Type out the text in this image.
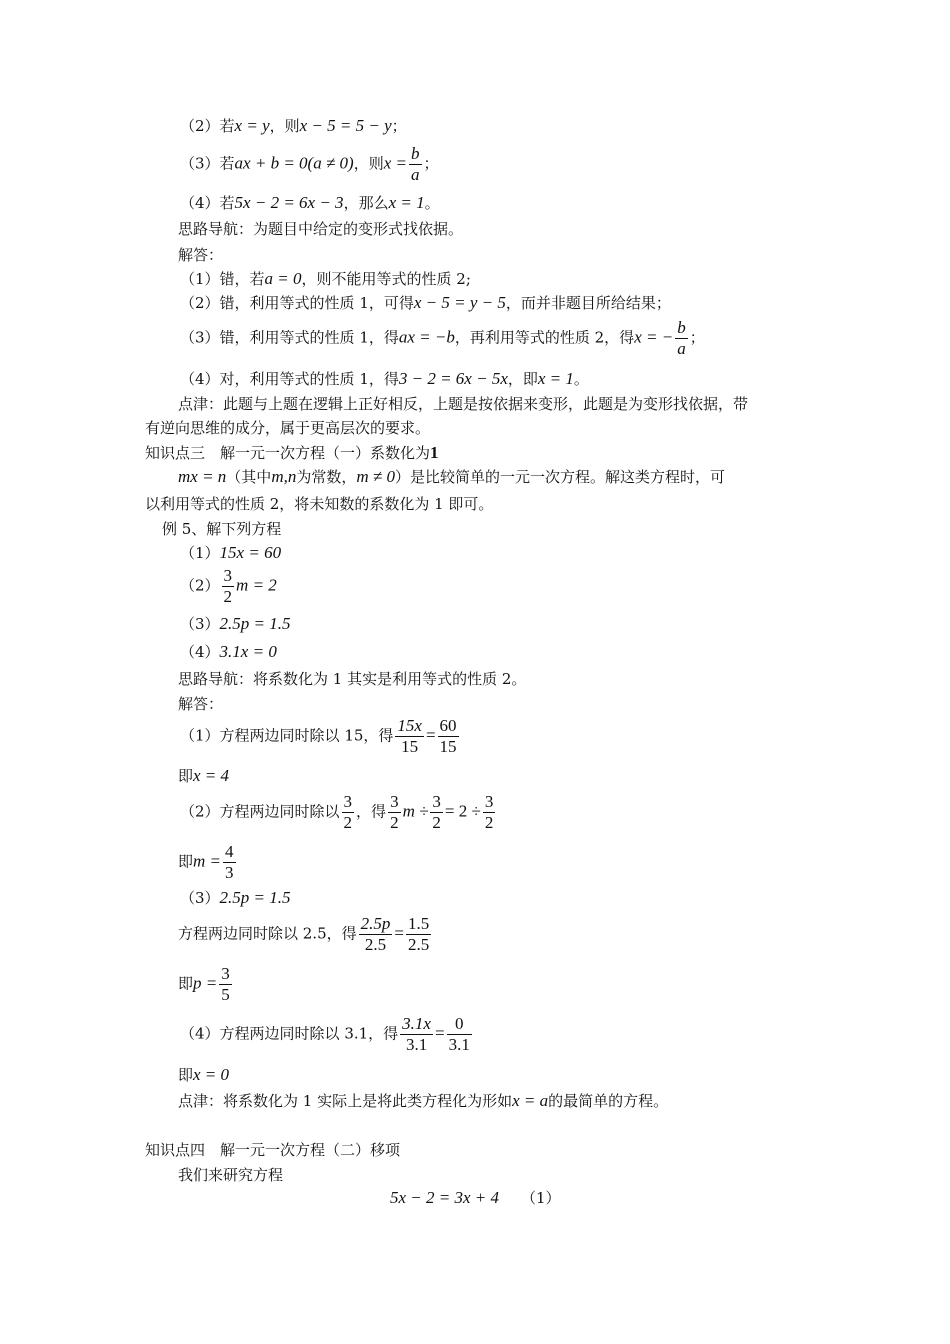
（2）若x = y，则x − 5 = 5 − y；
（3）若ax + b = 0(a ≠ 0)，则$x = \frac{b}{a}$ ；
（4）若5x − 2 = 6x − 3，那么x = 1。
思路导航：为题目中给定的变形式找依据。
解答：
（1）错，若a = 0，则不能用等式的性质 2;
（2）错，利用等式的性质 1，可得x − 5 = y − 5，而并非题目所给结果；
（3）错，利用等式的性质 1，得ax = −b，再利用等式的性质 2，得x = − $\frac{b}{a}$ ；
（4）对，利用等式的性质 1，得3 − 2 = 6x − 5x，即x = 1。
点津：此题与上题在逻辑上正好相反，上题是按依据来变形，此题是为变形找依据，带
有逆向思维的成分，属于更高层次的要求。
知识点三　解一元一次方程（一）系数化为1
mx = n（其中m,n为常数，m ≠ 0）是比较简单的一元一次方程。解这类方程时，可
以利用等式的性质 2，将未知数的系数化为 1 即可。
例 5、解下列方程
（1）15x = 60
$(2) \frac{3}{2}$ m = 2
（3）2.5p = 1.5
（4）3.1x = 0
思路导航：将系数化为 1 其实是利用等式的性质 2。
解答：
（1）方程两边同时除以 15，得 $\frac{15x}{15} = \frac{60}{15}$
即x = 4
（2）方程两边同时除以 $\frac{3}{2}$ ，得 $\frac{3}{2}$ $m \div \frac{3}{2} = 2 \div \frac{3}{2}$
即$m = \frac{4}{3}$
（3）2.5p = 1.5
方程两边同时除以 2.5，得 $\frac{2.5p}{2.5} = \frac{1.5}{2.5}$
即$p = \frac{3}{5}$
（4）方程两边同时除以 3.1，得 $\frac{3.1x}{3.1} = \frac{0}{3.1}$
即x = 0
点津：将系数化为 1 实际上是将此类方程化为形如x = a的最简单的方程。
知识点四　解一元一次方程（二）移项
我们来研究方程
5x − 2 = 3x + 4 （1）
